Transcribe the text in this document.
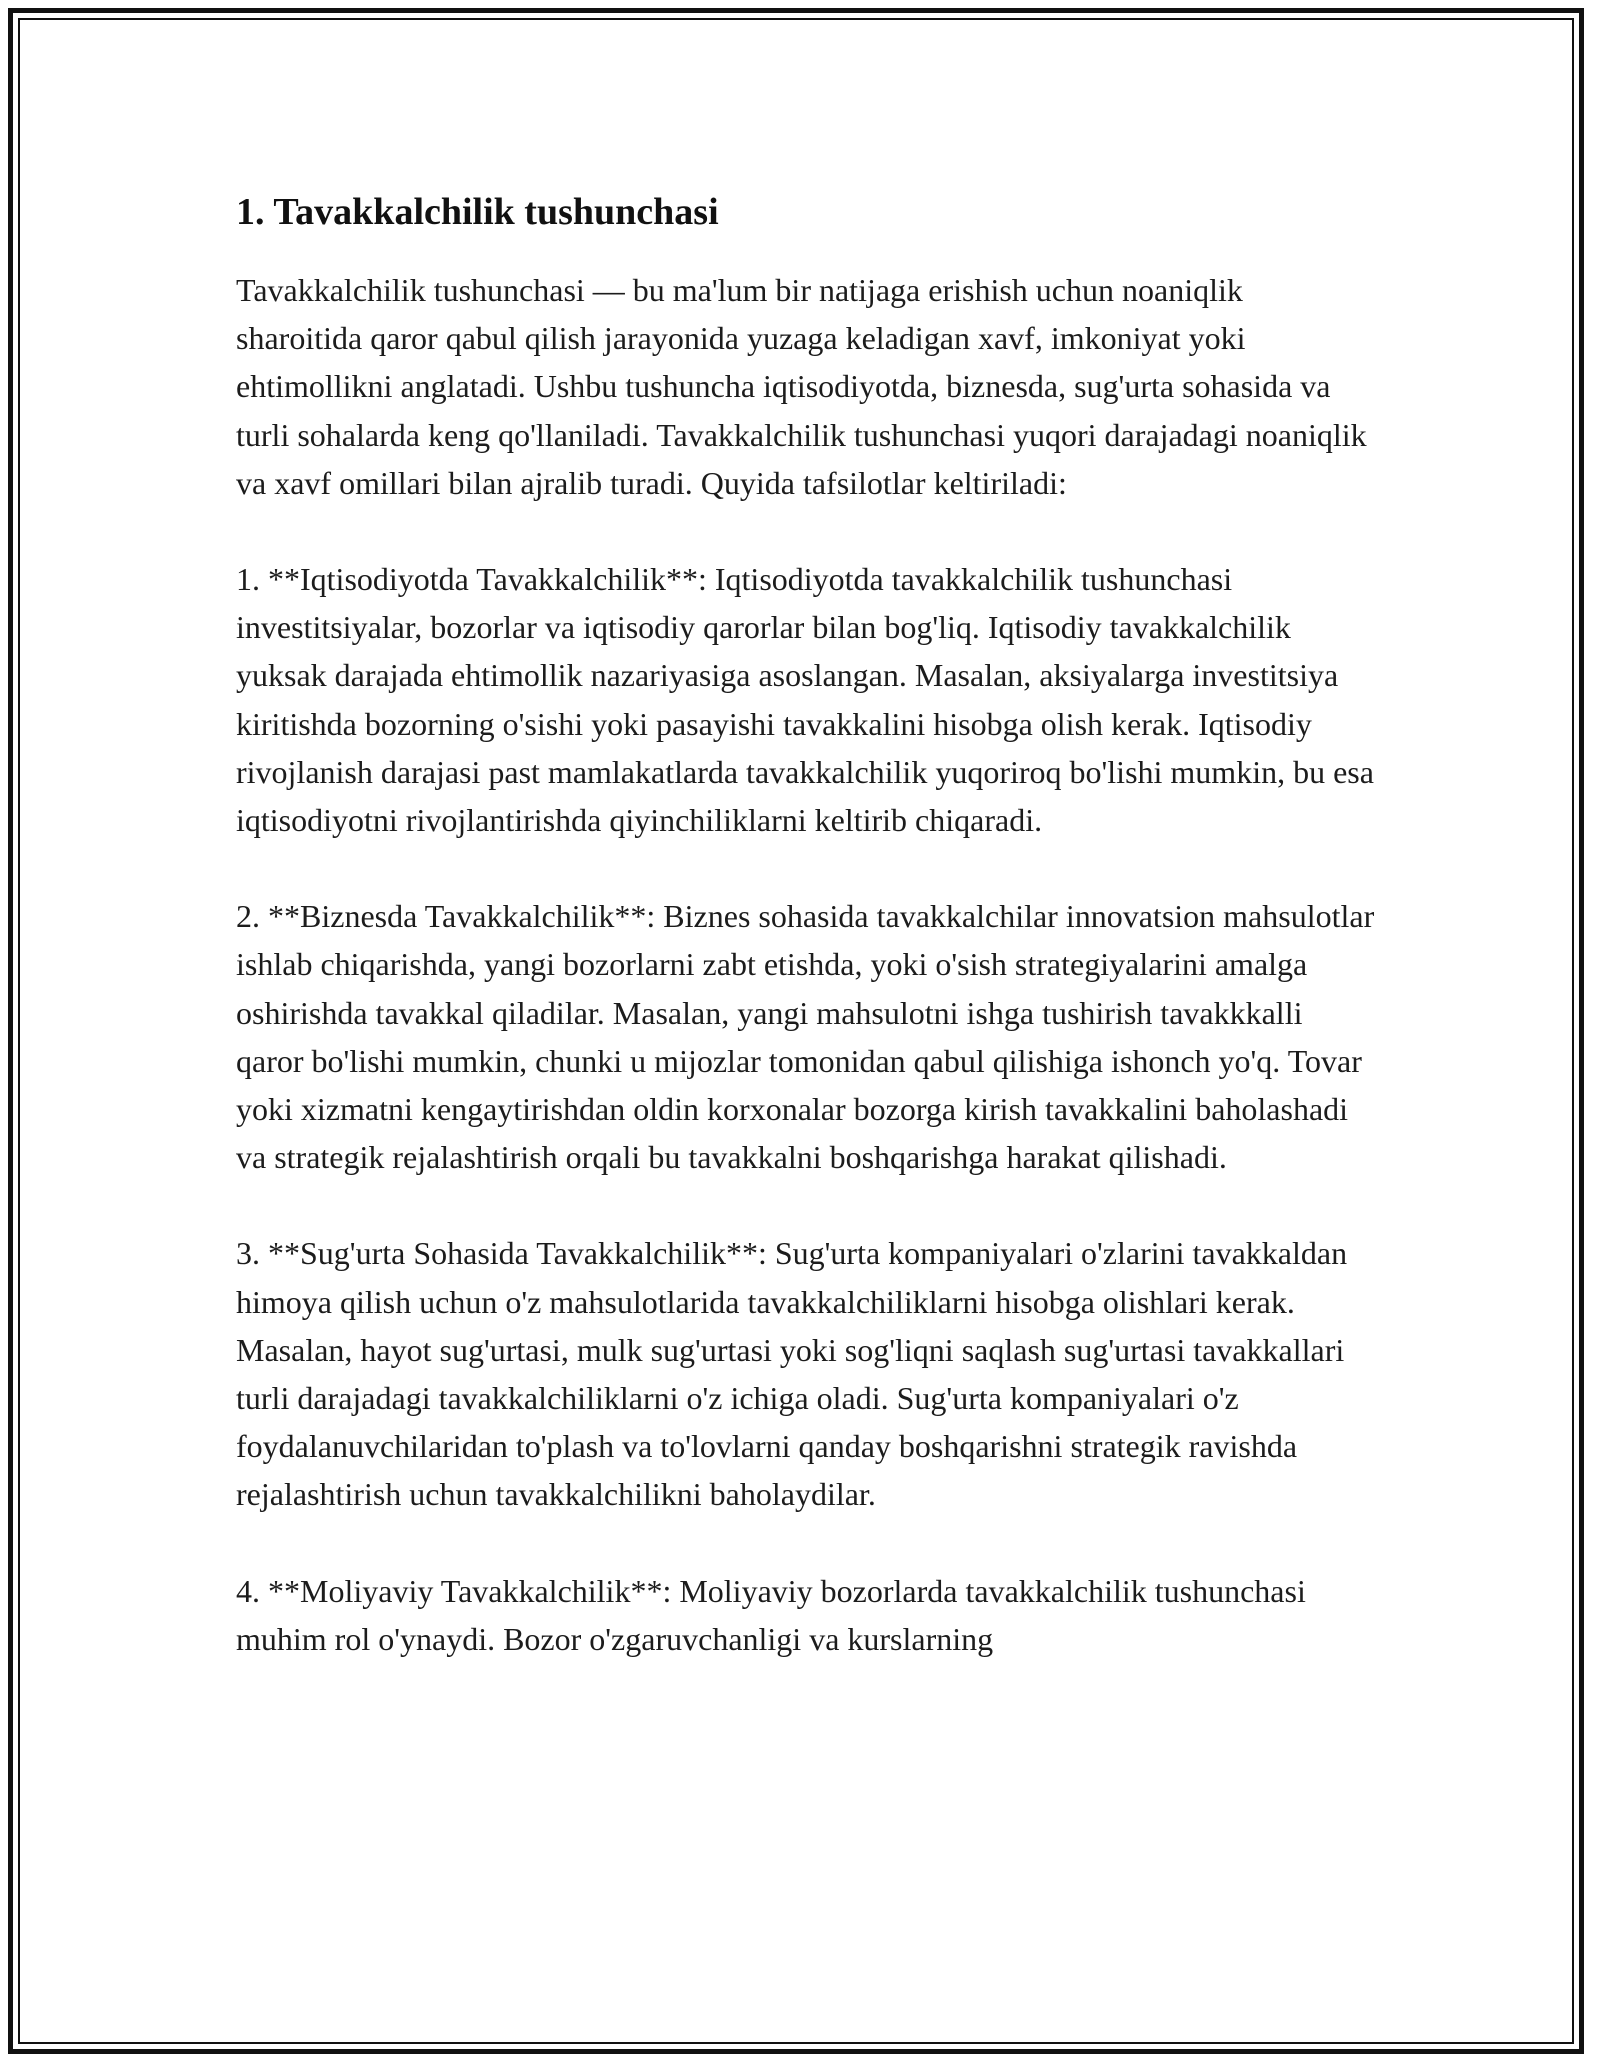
1. Tavakkalchilik tushunchasi

Tavakkalchilik tushunchasi — bu ma'lum bir natijaga erishish uchun noaniqlik sharoitida qaror qabul qilish jarayonida yuzaga keladigan xavf, imkoniyat yoki ehtimollikni anglatadi. Ushbu tushuncha iqtisodiyotda, biznesda, sug'urta sohasida va turli sohalarda keng qo'llaniladi. Tavakkalchilik tushunchasi yuqori darajadagi noaniqlik va xavf omillari bilan ajralib turadi. Quyida tafsilotlar keltiriladi:

1. **Iqtisodiyotda Tavakkalchilik**: Iqtisodiyotda tavakkalchilik tushunchasi investitsiyalar, bozorlar va iqtisodiy qarorlar bilan bog'liq. Iqtisodiy tavakkalchilik yuksak darajada ehtimollik nazariyasiga asoslangan. Masalan, aksiyalarga investitsiya kiritishda bozorning o'sishi yoki pasayishi tavakkalini hisobga olish kerak. Iqtisodiy rivojlanish darajasi past mamlakatlarda tavakkalchilik yuqoriroq bo'lishi mumkin, bu esa iqtisodiyotni rivojlantirishda qiyinchiliklarni keltirib chiqaradi.

2. **Biznesda Tavakkalchilik**: Biznes sohasida tavakkalchilar innovatsion mahsulotlar ishlab chiqarishda, yangi bozorlarni zabt etishda, yoki o'sish strategiyalarini amalga oshirishda tavakkal qiladilar. Masalan, yangi mahsulotni ishga tushirish tavakkkalli qaror bo'lishi mumkin, chunki u mijozlar tomonidan qabul qilishiga ishonch yo'q. Tovar yoki xizmatni kengaytirishdan oldin korxonalar bozorga kirish tavakkalini baholashadi va strategik rejalashtirish orqali bu tavakkalni boshqarishga harakat qilishadi.

3. **Sug'urta Sohasida Tavakkalchilik**: Sug'urta kompaniyalari o'zlarini tavakkaldan himoya qilish uchun o'z mahsulotlarida tavakkalchiliklarni hisobga olishlari kerak. Masalan, hayot sug'urtasi, mulk sug'urtasi yoki sog'liqni saqlash sug'urtasi tavakkallari turli darajadagi tavakkalchiliklarni o'z ichiga oladi. Sug'urta kompaniyalari o'z foydalanuvchilaridan to'plash va to'lovlarni qanday boshqarishni strategik ravishda rejalashtirish uchun tavakkalchilikni baholaydilar.

4. **Moliyaviy Tavakkalchilik**: Moliyaviy bozorlarda tavakkalchilik tushunchasi muhim rol o'ynaydi. Bozor o'zgaruvchanligi va kurslarning
